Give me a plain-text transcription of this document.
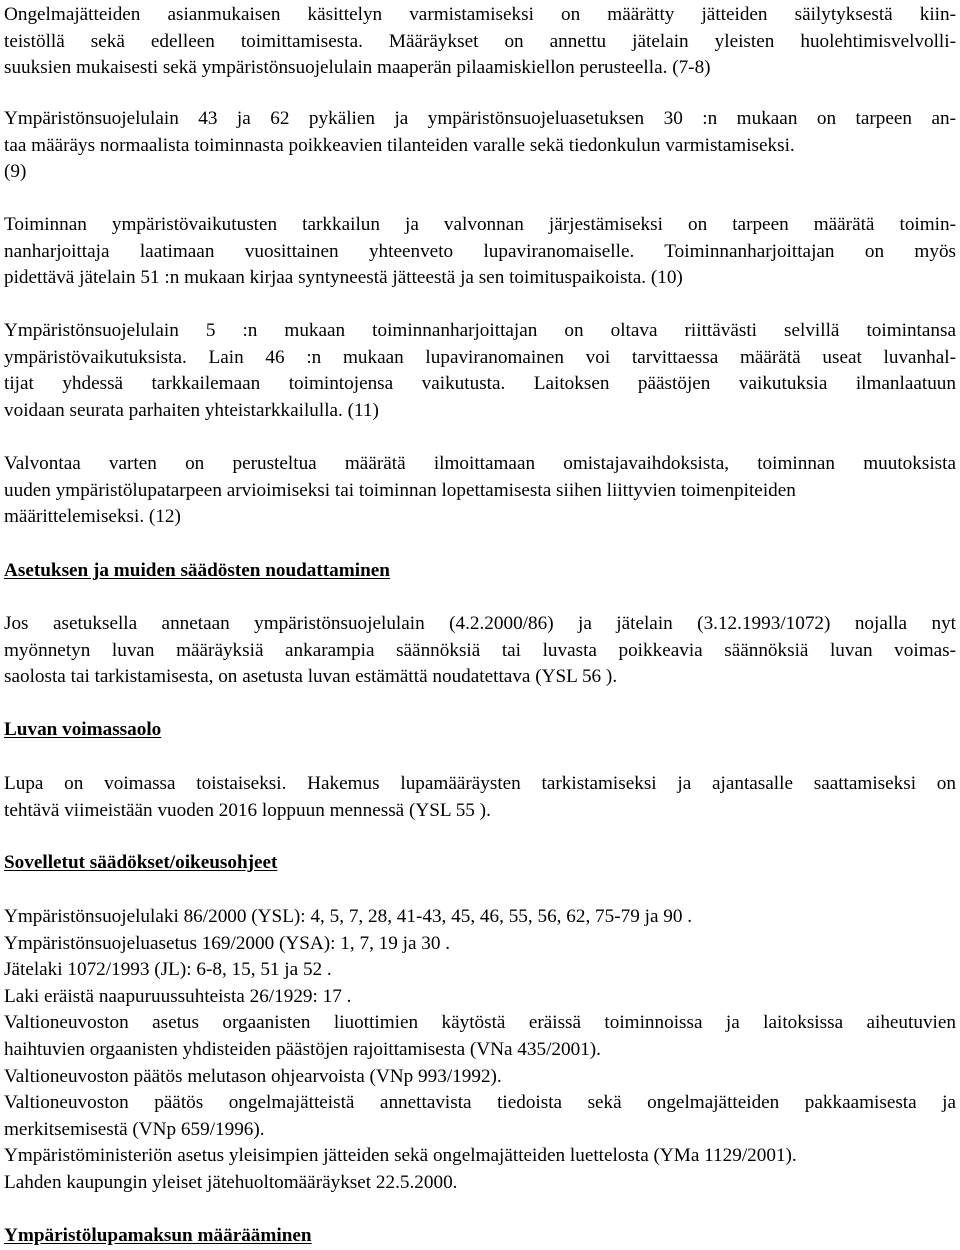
Ongelmajätteiden asianmukaisen käsittelyn varmistamiseksi on määrätty jätteiden säilytyksestä kiin-
teistöllä sekä edelleen toimittamisesta. Määräykset on annettu jätelain yleisten huolehtimisvelvolli-
suuksien mukaisesti sekä ympäristönsuojelulain maaperän pilaamiskiellon perusteella. (7-8)
Ympäristönsuojelulain 43 ja 62 pykälien ja ympäristönsuojeluasetuksen 30 :n mukaan on tarpeen an-
taa määräys normaalista toiminnasta poikkeavien tilanteiden varalle sekä tiedonkulun varmistamiseksi.
(9)
Toiminnan ympäristövaikutusten tarkkailun ja valvonnan järjestämiseksi on tarpeen määrätä toimin-
nanharjoittaja laatimaan vuosittainen yhteenveto lupaviranomaiselle. Toiminnanharjoittajan on myös
pidettävä jätelain 51 :n mukaan kirjaa syntyneestä jätteestä ja sen toimituspaikoista. (10)
Ympäristönsuojelulain 5 :n mukaan toiminnanharjoittajan on oltava riittävästi selvillä toimintansa
ympäristövaikutuksista. Lain 46 :n mukaan lupaviranomainen voi tarvittaessa määrätä useat luvanhal-
tijat yhdessä tarkkailemaan toimintojensa vaikutusta. Laitoksen päästöjen vaikutuksia ilmanlaatuun
voidaan seurata parhaiten yhteistarkkailulla. (11)
Valvontaa varten on perusteltua määrätä ilmoittamaan omistajavaihdoksista, toiminnan muutoksista
uuden ympäristölupatarpeen arvioimiseksi tai toiminnan lopettamisesta siihen liittyvien toimenpiteiden
määrittelemiseksi. (12)
Asetuksen ja muiden säädösten noudattaminen
Jos asetuksella annetaan ympäristönsuojelulain (4.2.2000/86) ja jätelain (3.12.1993/1072) nojalla nyt
myönnetyn luvan määräyksiä ankarampia säännöksiä tai luvasta poikkeavia säännöksiä luvan voimas-
saolosta tai tarkistamisesta, on asetusta luvan estämättä noudatettava (YSL 56 ).
Luvan voimassaolo
Lupa on voimassa toistaiseksi. Hakemus lupamääräysten tarkistamiseksi ja ajantasalle saattamiseksi on
tehtävä viimeistään vuoden 2016 loppuun mennessä (YSL 55 ).
Sovelletut säädökset/oikeusohjeet
Ympäristönsuojelulaki 86/2000 (YSL): 4, 5, 7, 28, 41-43, 45, 46, 55, 56, 62, 75-79 ja 90 .
Ympäristönsuojeluasetus 169/2000 (YSA): 1, 7, 19 ja 30 .
Jätelaki 1072/1993 (JL): 6-8, 15, 51 ja 52 .
Laki eräistä naapuruussuhteista 26/1929: 17 .
Valtioneuvoston asetus orgaanisten liuottimien käytöstä eräissä toiminnoissa ja laitoksissa aiheutuvien
haihtuvien orgaanisten yhdisteiden päästöjen rajoittamisesta (VNa 435/2001).
Valtioneuvoston päätös melutason ohjearvoista (VNp 993/1992).
Valtioneuvoston päätös ongelmajätteistä annettavista tiedoista sekä ongelmajätteiden pakkaamisesta ja
merkitsemisestä (VNp 659/1996).
Ympäristöministeriön asetus yleisimpien jätteiden sekä ongelmajätteiden luettelosta (YMa 1129/2001).
Lahden kaupungin yleiset jätehuoltomääräykset 22.5.2000.
Ympäristölupamaksun määrääminen
